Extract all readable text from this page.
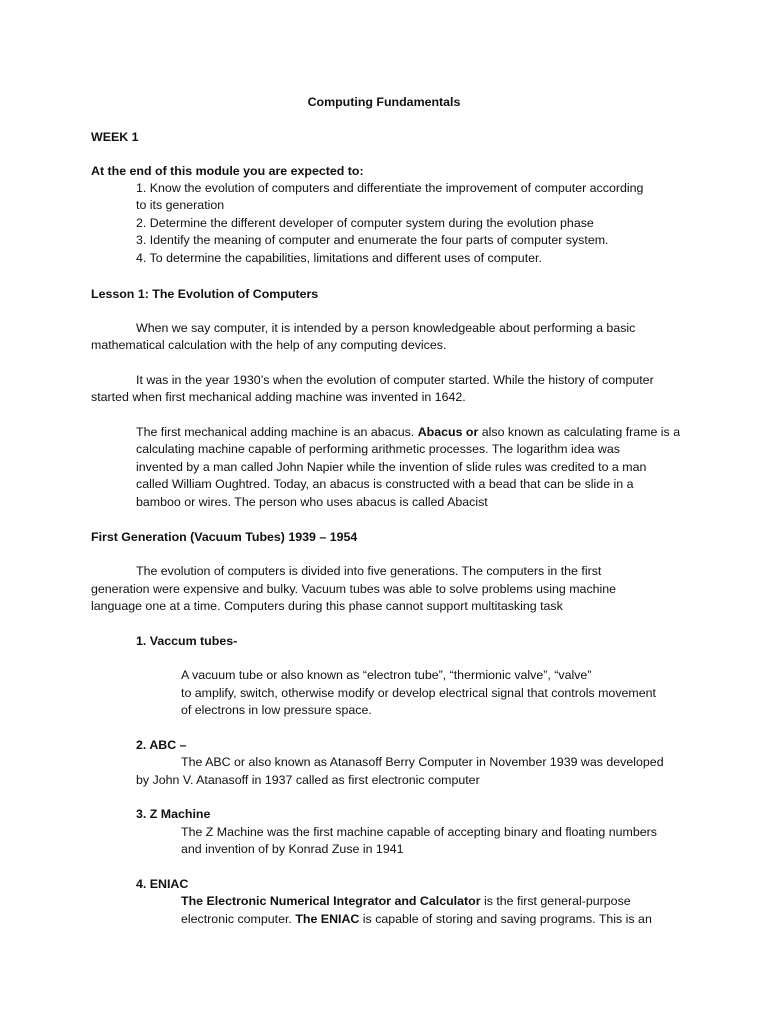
Computing Fundamentals
WEEK 1
At the end of this module you are expected to:
1. Know the evolution of computers and differentiate the improvement of computer according
to its generation
2. Determine the different developer of computer system during the evolution phase
3. Identify the meaning of computer and enumerate the four parts of computer system.
4. To determine the capabilities, limitations and different uses of computer.
Lesson 1: The Evolution of Computers
When we say computer, it is intended by a person knowledgeable about performing a basic
mathematical calculation with the help of any computing devices.
It was in the year 1930’s when the evolution of computer started. While the history of computer
started when first mechanical adding machine was invented in 1642.
The first mechanical adding machine is an abacus. Abacus or also known as calculating frame is a
calculating machine capable of performing arithmetic processes. The logarithm idea was
invented by a man called John Napier while the invention of slide rules was credited to a man
called William Oughtred. Today, an abacus is constructed with a bead that can be slide in a
bamboo or wires. The person who uses abacus is called Abacist
First Generation (Vacuum Tubes) 1939 – 1954
The evolution of computers is divided into five generations. The computers in the first
generation were expensive and bulky. Vacuum tubes was able to solve problems using machine
language one at a time. Computers during this phase cannot support multitasking task
1. Vaccum tubes-
A vacuum tube or also known as “electron tube”, “thermionic valve”, “valve”
to amplify, switch, otherwise modify or develop electrical signal that controls movement
of electrons in low pressure space.
2. ABC –
The ABC or also known as Atanasoff Berry Computer in November 1939 was developed
by John V. Atanasoff in 1937 called as first electronic computer
3. Z Machine
The Z Machine was the first machine capable of accepting binary and floating numbers
and invention of by Konrad Zuse in 1941
4. ENIAC
The Electronic Numerical Integrator and Calculator is the first general-purpose
electronic computer. The ENIAC is capable of storing and saving programs. This is an
